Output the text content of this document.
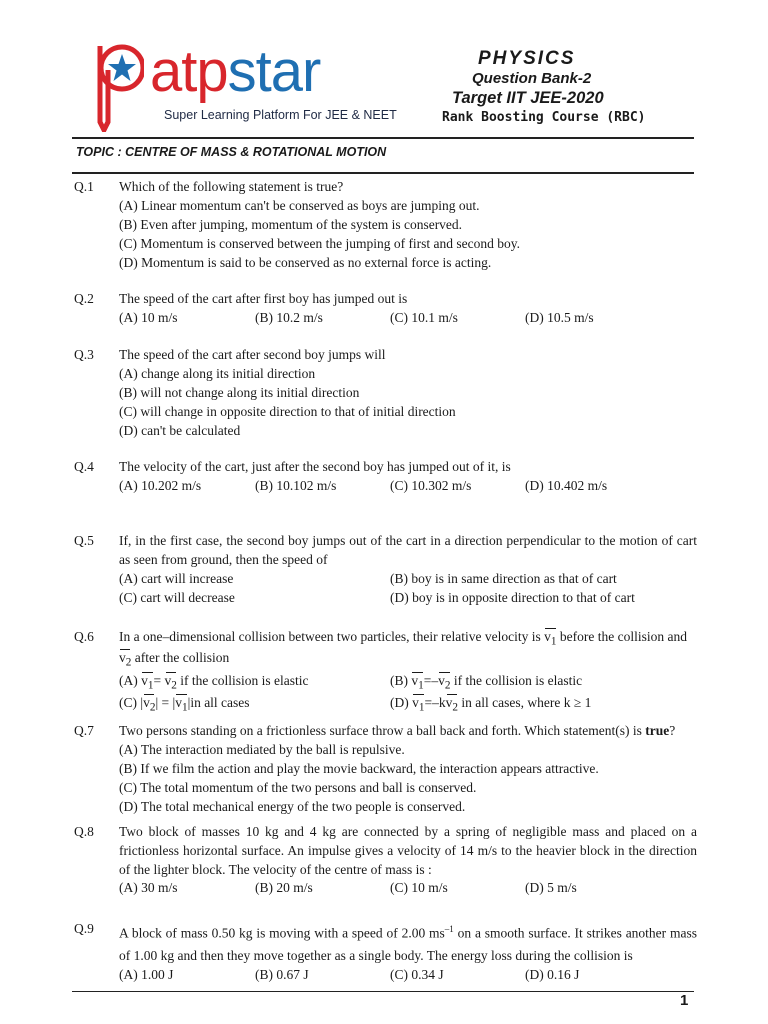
atpstar
Super Learning Platform For JEE & NEET
PHYSICS
Question Bank-2
Target IIT JEE-2020
Rank Boosting Course (RBC)
TOPIC : CENTRE OF MASS & ROTATIONAL MOTION
Q.1	Which of the following statement is true?
(A) Linear momentum can't be conserved as boys are jumping out.
(B) Even after jumping, momentum of the system is conserved.
(C) Momentum is conserved between the jumping of first and second boy.
(D) Momentum is said to be conserved as no external force is acting.
Q.2	The speed of the cart after first boy has jumped out is
(A) 10 m/s	(B) 10.2 m/s	(C) 10.1 m/s	(D) 10.5 m/s
Q.3	The speed of the cart after second boy jumps will
(A) change along its initial direction
(B) will not change along its initial direction
(C) will change in opposite direction to that of initial direction
(D) can't be calculated
Q.4	The velocity of the cart, just after the second boy has jumped out of it, is
(A) 10.202 m/s	(B) 10.102 m/s	(C) 10.302 m/s	(D) 10.402 m/s
Q.5	If, in the first case, the second boy jumps out of the cart in a direction perpendicular to the motion of cart as seen from ground, then the speed of
(A) cart will increase	(B) boy is in same direction as that of cart
(C) cart will decrease	(D) boy is in opposite direction to that of cart
Q.6	In a one–dimensional collision between two particles, their relative velocity is $v_1$ before the collision and
$v_2$ after the collision
(A) $v_1= v_2$ if the collision is elastic	(B) $v_1=-v_2$ if the collision is elastic
(C) $|v_2| = |v_1|in$ all cases	(D) $v_1=-kv_2$ in all cases, where k ≥ 1
Q.7	Two persons standing on a frictionless surface throw a ball back and forth. Which statement(s) is true?
(A) The interaction mediated by the ball is repulsive.
(B) If we film the action and play the movie backward, the interaction appears attractive.
(C) The total momentum of the two persons and ball is conserved.
(D) The total mechanical energy of the two people is conserved.
Q.8	Two block of masses 10 kg and 4 kg are connected by a spring of negligible mass and placed on a frictionless horizontal surface. An impulse gives a velocity of 14 m/s to the heavier block in the direction of the lighter block. The velocity of the centre of mass is :
(A) 30 m/s	(B) 20 m/s	(C) 10 m/s	(D) 5 m/s
Q.9	A block of mass 0.50 kg is moving with a speed of 2.00 $ms^{-1}$ on a smooth surface. It strikes another mass of 1.00 kg and then they move together as a single body. The energy loss during the collision is
(A) 1.00 J	(B) 0.67 J	(C) 0.34 J	(D) 0.16 J
1
